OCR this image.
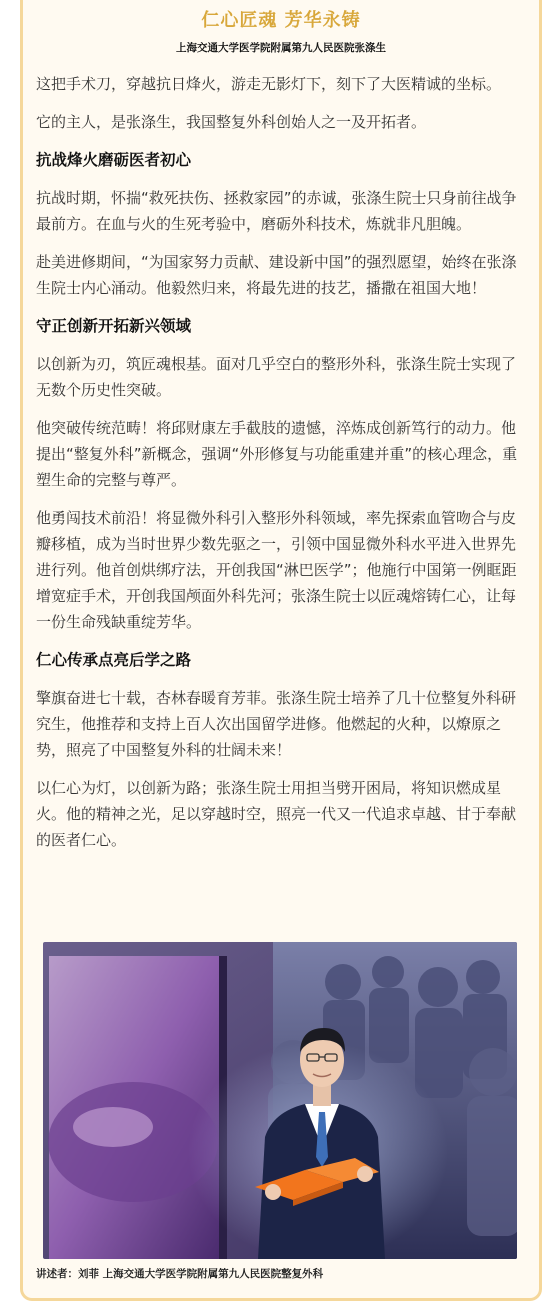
仁心匠魂 芳华永铸
上海交通大学医学院附属第九人民医院张涤生

这把手术刀，穿越抗日烽火，游走无影灯下，刻下了大医精诚的坐标。

它的主人，是张涤生，我国整复外科创始人之一及开拓者。

抗战烽火磨砺医者初心

抗战时期，怀揣“救死扶伤、拯救家园”的赤诚，张涤生院士只身前往战争最前方。在血与火的生死考验中，磨砺外科技术，炼就非凡胆魄。

赴美进修期间，“为国家努力贡献、建设新中国”的强烈愿望，始终在张涤生院士内心涌动。他毅然归来，将最先进的技艺，播撒在祖国大地！

守正创新开拓新兴领域

以创新为刃，筑匠魂根基。面对几乎空白的整形外科，张涤生院士实现了无数个历史性突破。

他突破传统范畴！将邱财康左手截肢的遗憾，淬炼成创新笃行的动力。他提出“整复外科”新概念，强调“外形修复与功能重建并重”的核心理念，重塑生命的完整与尊严。

他勇闯技术前沿！将显微外科引入整形外科领域，率先探索血管吻合与皮瓣移植，成为当时世界少数先驱之一，引领中国显微外科水平进入世界先进行列。他首创烘绑疗法，开创我国“淋巴医学”；他施行中国第一例眶距增宽症手术，开创我国颅面外科先河；张涤生院士以匠魂熔铸仁心，让每一份生命残缺重绽芳华。

仁心传承点亮后学之路

擎旗奋进七十载，杏林春暖育芳菲。张涤生院士培养了几十位整复外科研究生，他推荐和支持上百人次出国留学进修。他燃起的火种，以燎原之势，照亮了中国整复外科的壮阔未来！

以仁心为灯，以创新为路；张涤生院士用担当劈开困局，将知识燃成星火。他的精神之光，足以穿越时空，照亮一代又一代追求卓越、甘于奉献的医者仁心。

讲述者：刘菲 上海交通大学医学院附属第九人民医院整复外科
